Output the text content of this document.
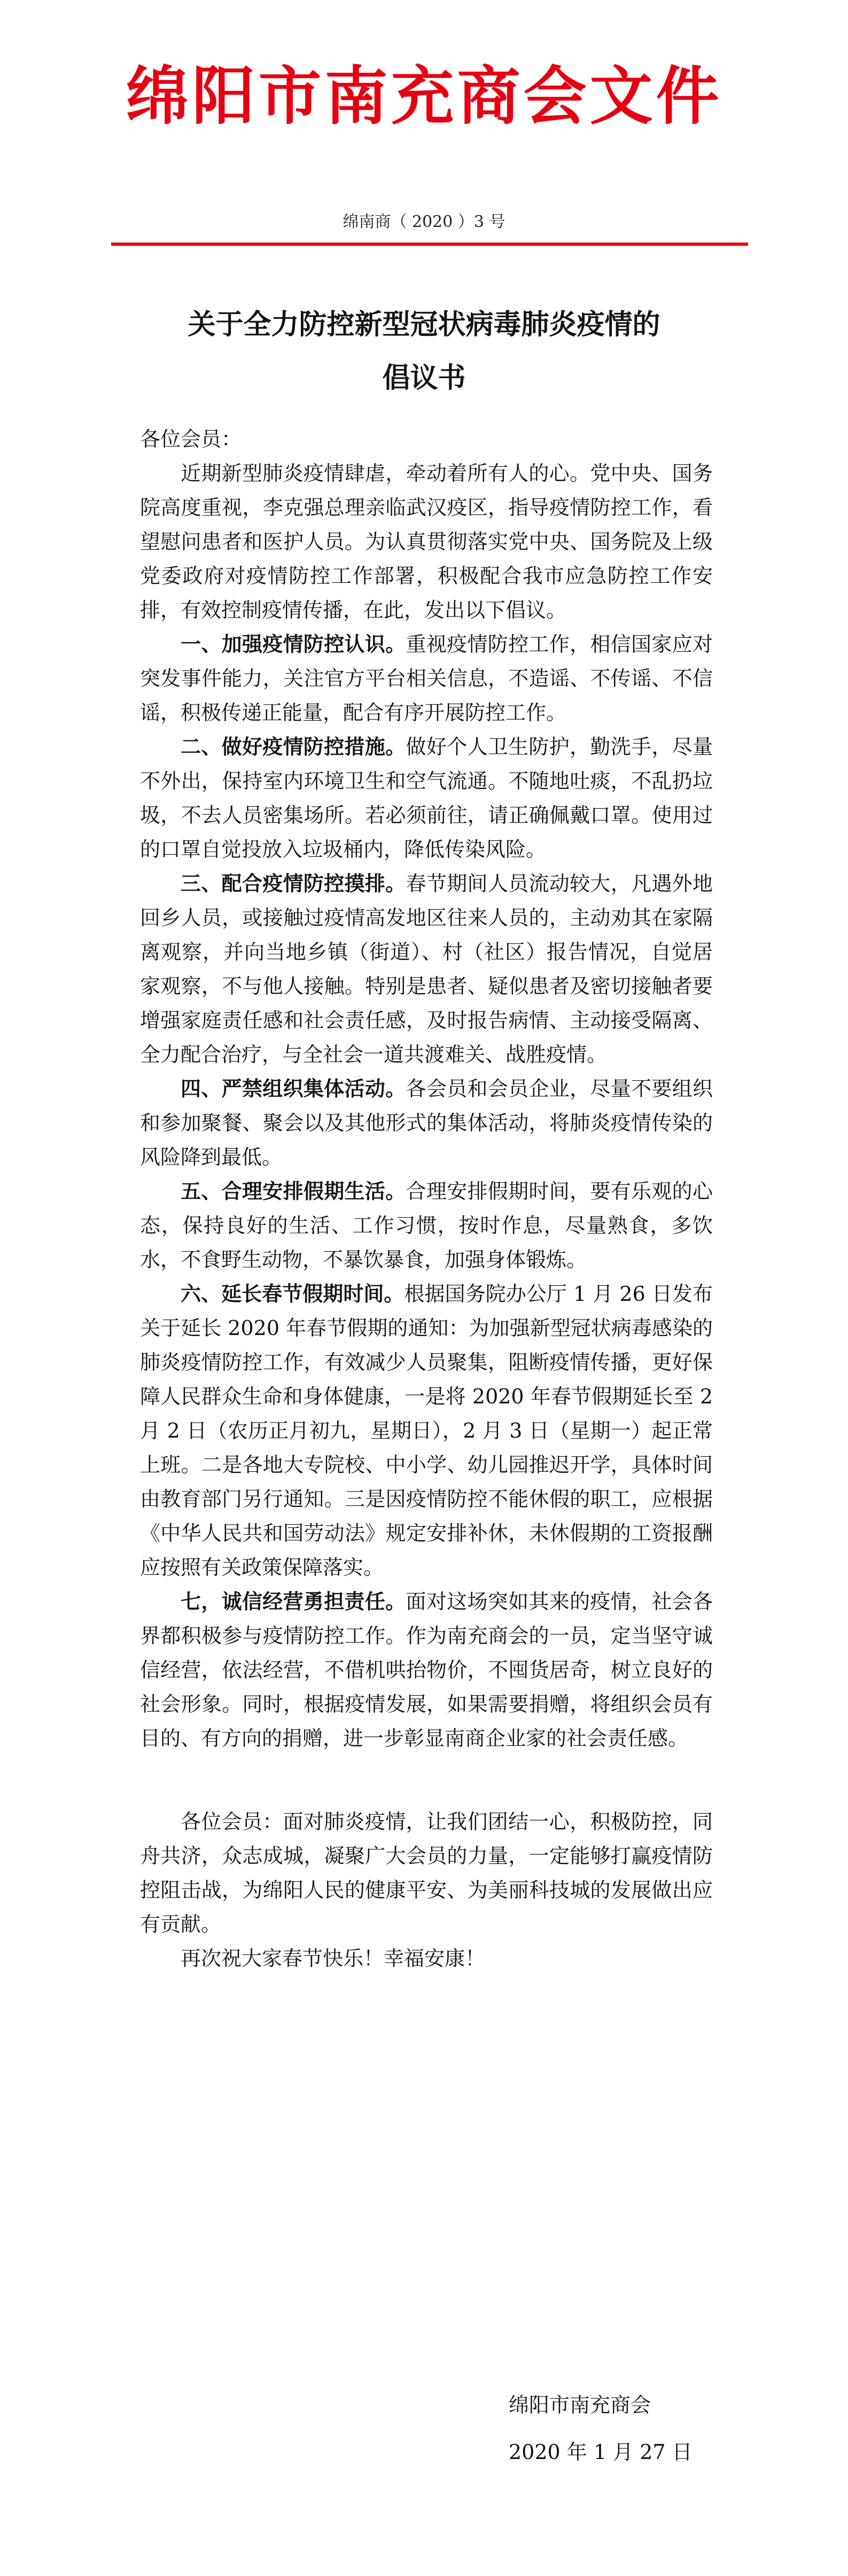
绵阳市南充商会文件
绵南商（ 2020 ）3 号
关于全力防控新型冠状病毒肺炎疫情的
倡议书

各位会员：

近期新型肺炎疫情肆虐，牵动着所有人的心。党中央、国务院高度重视，李克强总理亲临武汉疫区，指导疫情防控工作，看望慰问患者和医护人员。为认真贯彻落实党中央、国务院及上级党委政府对疫情防控工作部署，积极配合我市应急防控工作安排，有效控制疫情传播，在此，发出以下倡议。

一、加强疫情防控认识。重视疫情防控工作，相信国家应对突发事件能力，关注官方平台相关信息，不造谣、不传谣、不信谣，积极传递正能量，配合有序开展防控工作。

二、做好疫情防控措施。做好个人卫生防护，勤洗手，尽量不外出，保持室内环境卫生和空气流通。不随地吐痰，不乱扔垃圾，不去人员密集场所。若必须前往，请正确佩戴口罩。使用过的口罩自觉投放入垃圾桶内，降低传染风险。

三、配合疫情防控摸排。春节期间人员流动较大，凡遇外地回乡人员，或接触过疫情高发地区往来人员的，主动劝其在家隔离观察，并向当地乡镇（街道）、村（社区）报告情况，自觉居家观察，不与他人接触。特别是患者、疑似患者及密切接触者要增强家庭责任感和社会责任感，及时报告病情、主动接受隔离、全力配合治疗，与全社会一道共渡难关、战胜疫情。

四、严禁组织集体活动。各会员和会员企业，尽量不要组织和参加聚餐、聚会以及其他形式的集体活动，将肺炎疫情传染的风险降到最低。

五、合理安排假期生活。合理安排假期时间，要有乐观的心态，保持良好的生活、工作习惯，按时作息，尽量熟食，多饮水，不食野生动物，不暴饮暴食，加强身体锻炼。

六、延长春节假期时间。根据国务院办公厅 1 月 26 日发布关于延长 2020 年春节假期的通知：为加强新型冠状病毒感染的肺炎疫情防控工作，有效减少人员聚集，阻断疫情传播，更好保障人民群众生命和身体健康，一是将 2020 年春节假期延长至 2 月 2 日（农历正月初九，星期日），2 月 3 日（星期一）起正常上班。二是各地大专院校、中小学、幼儿园推迟开学，具体时间由教育部门另行通知。三是因疫情防控不能休假的职工，应根据《中华人民共和国劳动法》规定安排补休，未休假期的工资报酬应按照有关政策保障落实。

七，诚信经营勇担责任。面对这场突如其来的疫情，社会各界都积极参与疫情防控工作。作为南充商会的一员，定当坚守诚信经营，依法经营，不借机哄抬物价，不囤货居奇，树立良好的社会形象。同时，根据疫情发展，如果需要捐赠，将组织会员有目的、有方向的捐赠，进一步彰显南商企业家的社会责任感。

各位会员：面对肺炎疫情，让我们团结一心，积极防控，同舟共济，众志成城，凝聚广大会员的力量，一定能够打赢疫情防控阻击战，为绵阳人民的健康平安、为美丽科技城的发展做出应有贡献。

再次祝大家春节快乐！幸福安康！

绵阳市南充商会
2020 年 1 月 27 日
